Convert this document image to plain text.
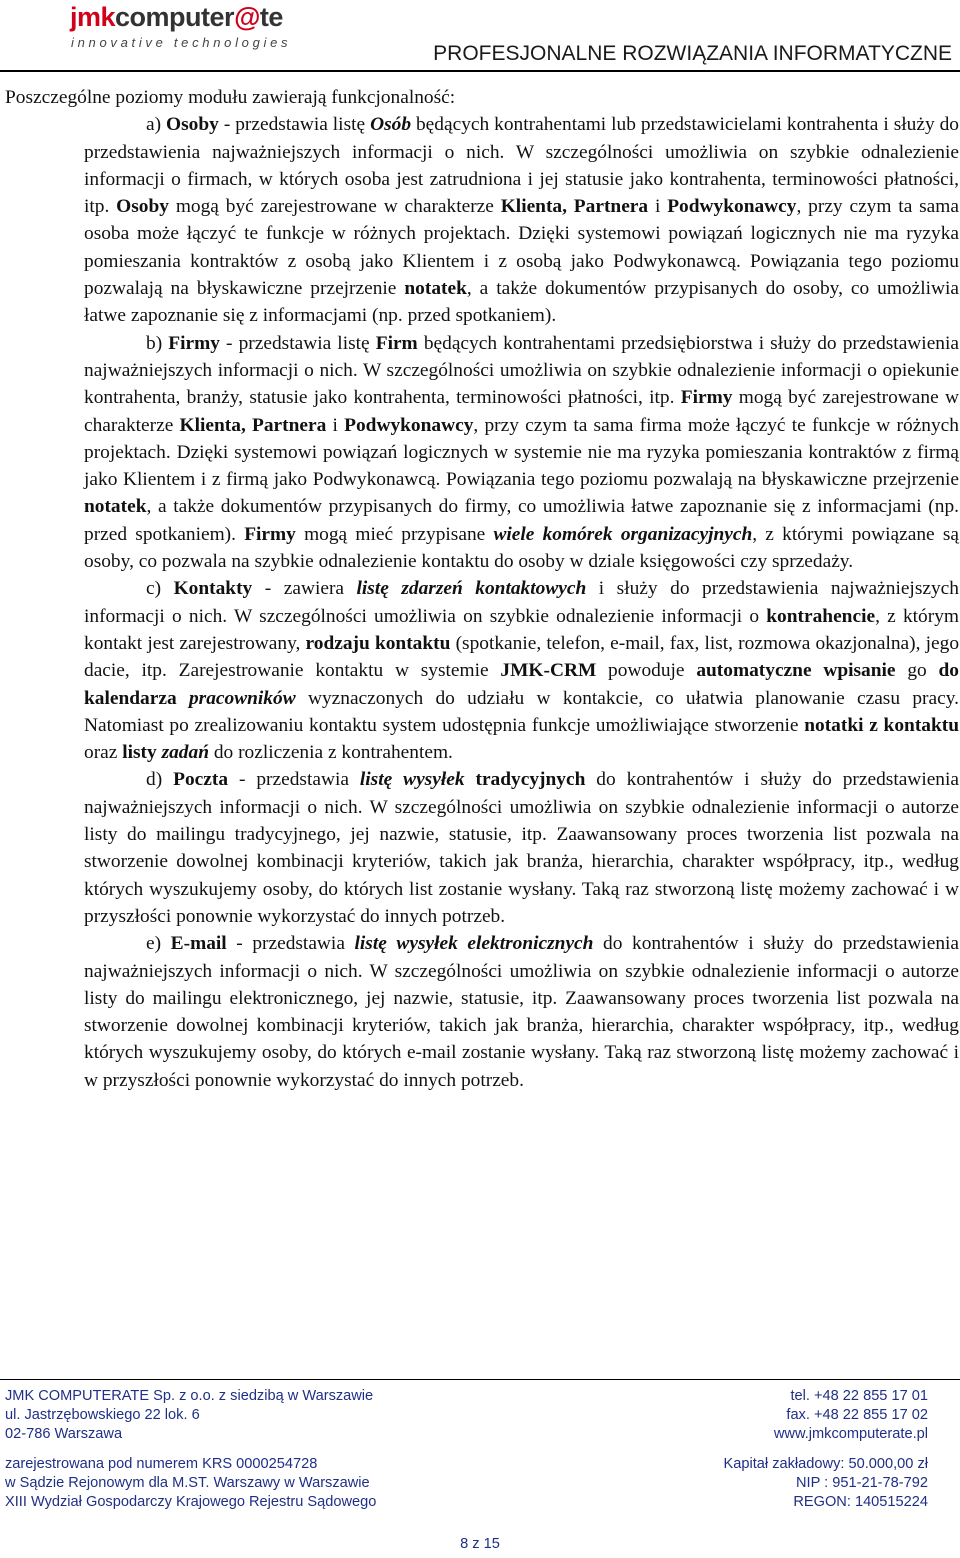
jmkcomputer@te
innovative technologies	PROFESJONALNE ROZWIĄZANIA INFORMATYCZNE

Poszczególne poziomy modułu zawierają funkcjonalność:

a) Osoby - przedstawia listę Osób będących kontrahentami lub przedstawicielami kontrahenta i służy do przedstawienia najważniejszych informacji o nich. W szczególności umożliwia on szybkie odnalezienie informacji o firmach, w których osoba jest zatrudniona i jej statusie jako kontrahenta, terminowości płatności, itp. Osoby mogą być zarejestrowane w charakterze Klienta, Partnera i Podwykonawcy, przy czym ta sama osoba może łączyć te funkcje w różnych projektach. Dzięki systemowi powiązań logicznych nie ma ryzyka pomieszania kontraktów z osobą jako Klientem i z osobą jako Podwykonawcą. Powiązania tego poziomu pozwalają na błyskawiczne przejrzenie notatek, a także dokumentów przypisanych do osoby, co umożliwia łatwe zapoznanie się z informacjami (np. przed spotkaniem).

b) Firmy - przedstawia listę Firm będących kontrahentami przedsiębiorstwa i służy do przedstawienia najważniejszych informacji o nich. W szczególności umożliwia on szybkie odnalezienie informacji o opiekunie kontrahenta, branży, statusie jako kontrahenta, terminowości płatności, itp. Firmy mogą być zarejestrowane w charakterze Klienta, Partnera i Podwykonawcy, przy czym ta sama firma może łączyć te funkcje w różnych projektach. Dzięki systemowi powiązań logicznych w systemie nie ma ryzyka pomieszania kontraktów z firmą jako Klientem i z firmą jako Podwykonawcą. Powiązania tego poziomu pozwalają na błyskawiczne przejrzenie notatek, a także dokumentów przypisanych do firmy, co umożliwia łatwe zapoznanie się z informacjami (np. przed spotkaniem). Firmy mogą mieć przypisane wiele komórek organizacyjnych, z którymi powiązane są osoby, co pozwala na szybkie odnalezienie kontaktu do osoby w dziale księgowości czy sprzedaży.

c) Kontakty - zawiera listę zdarzeń kontaktowych i służy do przedstawienia najważniejszych informacji o nich. W szczególności umożliwia on szybkie odnalezienie informacji o kontrahencie, z którym kontakt jest zarejestrowany, rodzaju kontaktu (spotkanie, telefon, e-mail, fax, list, rozmowa okazjonalna), jego dacie, itp. Zarejestrowanie kontaktu w systemie JMK-CRM powoduje automatyczne wpisanie go do kalendarza pracowników wyznaczonych do udziału w kontakcie, co ułatwia planowanie czasu pracy. Natomiast po zrealizowaniu kontaktu system udostępnia funkcje umożliwiające stworzenie notatki z kontaktu oraz listy zadań do rozliczenia z kontrahentem.

d) Poczta - przedstawia listę wysyłek tradycyjnych do kontrahentów i służy do przedstawienia najważniejszych informacji o nich. W szczególności umożliwia on szybkie odnalezienie informacji o autorze listy do mailingu tradycyjnego, jej nazwie, statusie, itp. Zaawansowany proces tworzenia list pozwala na stworzenie dowolnej kombinacji kryteriów, takich jak branża, hierarchia, charakter współpracy, itp., według których wyszukujemy osoby, do których list zostanie wysłany. Taką raz stworzoną listę możemy zachować i w przyszłości ponownie wykorzystać do innych potrzeb.

e) E-mail - przedstawia listę wysyłek elektronicznych do kontrahentów i służy do przedstawienia najważniejszych informacji o nich. W szczególności umożliwia on szybkie odnalezienie informacji o autorze listy do mailingu elektronicznego, jej nazwie, statusie, itp. Zaawansowany proces tworzenia list pozwala na stworzenie dowolnej kombinacji kryteriów, takich jak branża, hierarchia, charakter współpracy, itp., według których wyszukujemy osoby, do których e-mail zostanie wysłany. Taką raz stworzoną listę możemy zachować i w przyszłości ponownie wykorzystać do innych potrzeb.

JMK COMPUTERATE Sp. z o.o. z siedzibą w Warszawie	tel. +48 22 855 17 01
ul. Jastrzębowskiego 22 lok. 6	fax. +48 22 855 17 02
02-786 Warszawa	www.jmkcomputerate.pl
zarejestrowana pod numerem KRS 0000254728	Kapitał zakładowy: 50.000,00 zł
w Sądzie Rejonowym dla M.ST. Warszawy w Warszawie	NIP : 951-21-78-792
XIII Wydział Gospodarczy Krajowego Rejestru Sądowego	REGON: 140515224
8 z 15
